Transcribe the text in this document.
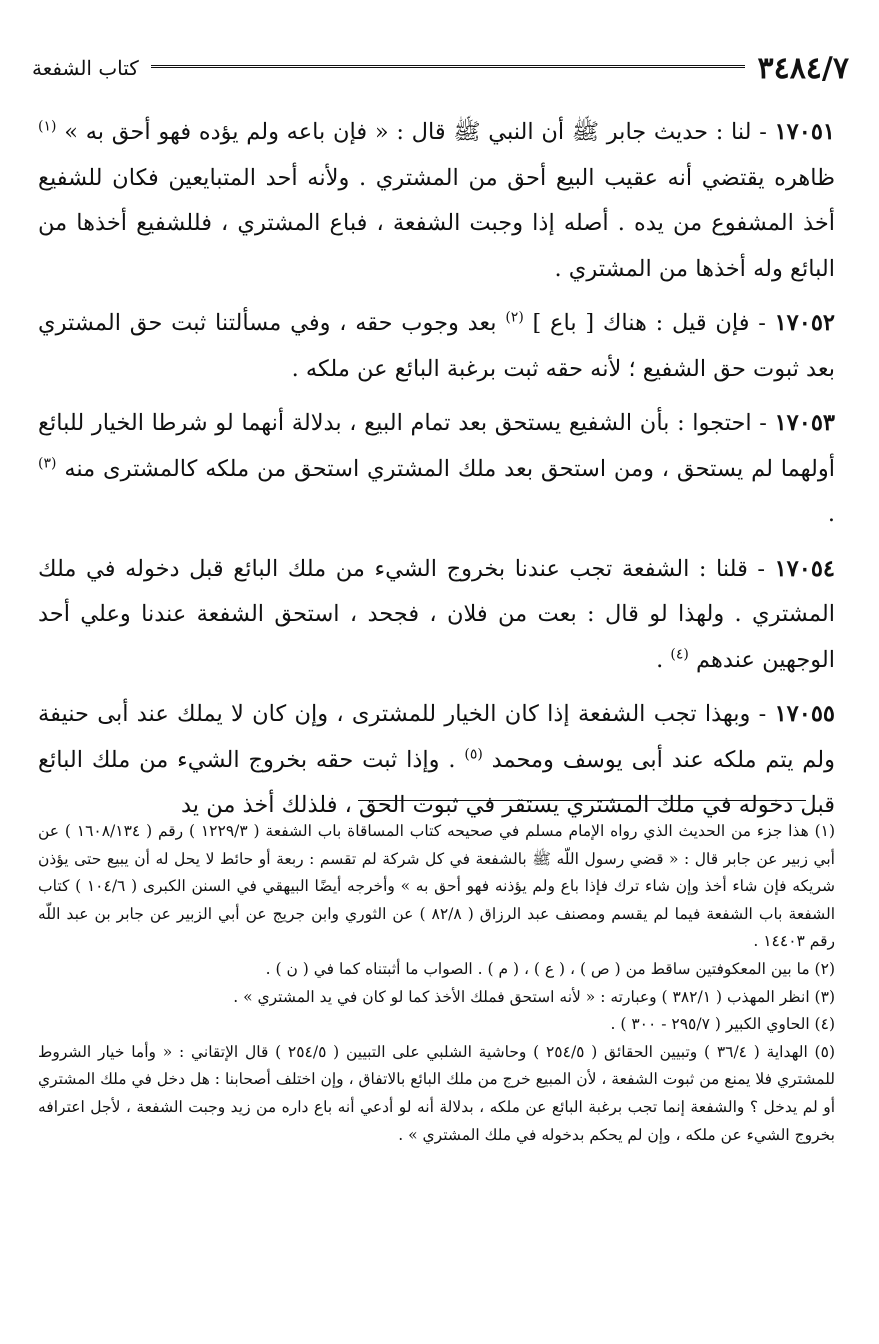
٣٤٨٤/٧
كتاب الشفعة

١٧٠٥١ - لنا : حديث جابر ﷺ أن النبي ﷺ قال : « فإن باعه ولم يؤده فهو أحق به » $^{(١)}$ ظاهره يقتضي أنه عقيب البيع أحق من المشتري . ولأنه أحد المتبايعين فكان للشفيع أخذ المشفوع من يده . أصله إذا وجبت الشفعة ، فباع المشتري ، فللشفيع أخذها من البائع وله أخذها من المشتري .

١٧٠٥٢ - فإن قيل : هناك [ باع ] $^{(٢)}$ بعد وجوب حقه ، وفي مسألتنا ثبت حق المشتري بعد ثبوت حق الشفيع ؛ لأنه حقه ثبت برغبة البائع عن ملكه .

١٧٠٥٣ - احتجوا : بأن الشفيع يستحق بعد تمام البيع ، بدلالة أنهما لو شرطا الخيار للبائع أولهما لم يستحق ، ومن استحق بعد ملك المشتري استحق من ملكه كالمشترى منه $^{(٣)}$ .

١٧٠٥٤ - قلنا : الشفعة تجب عندنا بخروج الشيء من ملك البائع قبل دخوله في ملك المشتري . ولهذا لو قال : بعت من فلان ، فجحد ، استحق الشفعة عندنا وعلي أحد الوجهين عندهم $^{(٤)}$ .

١٧٠٥٥ - وبهذا تجب الشفعة إذا كان الخيار للمشترى ، وإن كان لا يملك عند أبى حنيفة ولم يتم ملكه عند أبى يوسف ومحمد $^{(٥)}$ . وإذا ثبت حقه بخروج الشيء من ملك البائع قبل دخوله في ملك المشتري يستقر في ثبوت الحق ، فلذلك أخذ من يد

(١) هذا جزء من الحديث الذي رواه الإمام مسلم في صحيحه كتاب المساقاة باب الشفعة ( ١٢٢٩/٣ ) رقم ( ١٦٠٨/١٣٤ ) عن أبي زبير عن جابر قال : « قضي رسول اللّه ﷺ بالشفعة في كل شركة لم تقسم : ربعة أو حائط لا يحل له أن يبيع حتى يؤذن شريكه فإن شاء أخذ وإن شاء ترك فإذا باع ولم يؤذنه فهو أحق به » وأخرجه أيضًا البيهقي في السنن الكبرى ( ١٠٤/٦ ) كتاب الشفعة باب الشفعة فيما لم يقسم ومصنف عبد الرزاق ( ٨٢/٨ ) عن الثوري وابن جريج عن أبي الزبير عن جابر بن عبد اللّه رقم ١٤٤٠٣ .

(٢) ما بين المعكوفتين ساقط من ( ص ) ، ( ع ) ، ( م ) . الصواب ما أثبتناه كما في ( ن ) .

(٣) انظر المهذب ( ٣٨٢/١ ) وعبارته : « لأنه استحق فملك الأخذ كما لو كان في يد المشتري » .

(٤) الحاوي الكبير ( ٢٩٥/٧ - ٣٠٠ ) .

(٥) الهداية ( ٣٦/٤ ) وتبيين الحقائق ( ٢٥٤/٥ ) وحاشية الشلبي على التبيين ( ٢٥٤/٥ ) قال الإتقاني : « وأما خيار الشروط للمشتري فلا يمنع من ثبوت الشفعة ، لأن المبيع خرج من ملك البائع بالاتفاق ، وإن اختلف أصحابنا : هل دخل في ملك المشتري أو لم يدخل ؟ والشفعة إنما تجب برغبة البائع عن ملكه ، بدلالة أنه لو أدعي أنه باع داره من زيد وجبت الشفعة ، لأجل اعترافه بخروج الشيء عن ملكه ، وإن لم يحكم بدخوله في ملك المشتري » .
